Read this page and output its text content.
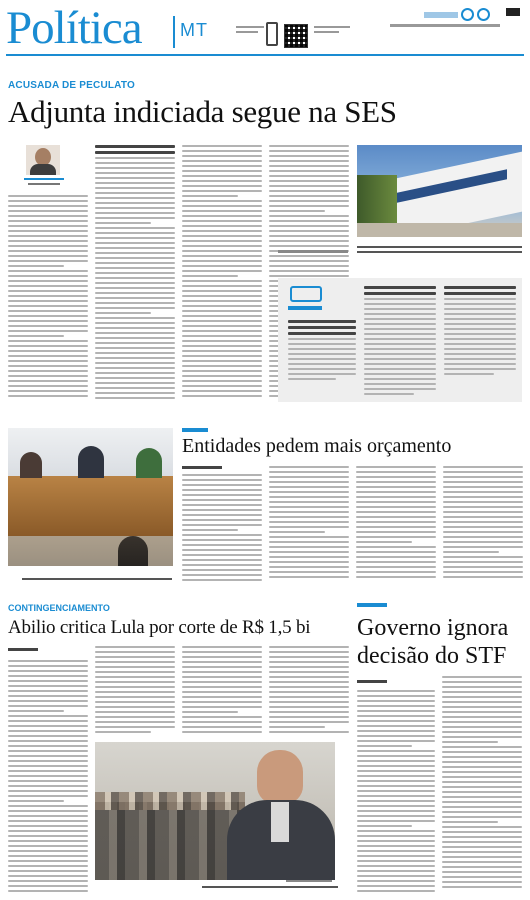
Política MT

ACUSADA DE PECULATO
Adjunta indiciada segue na SES
Entidades pedem mais orçamento
CONTINGENCIAMENTO
Abilio critica Lula por corte de R$ 1,5 bi Governo ignora
decisão do STF
